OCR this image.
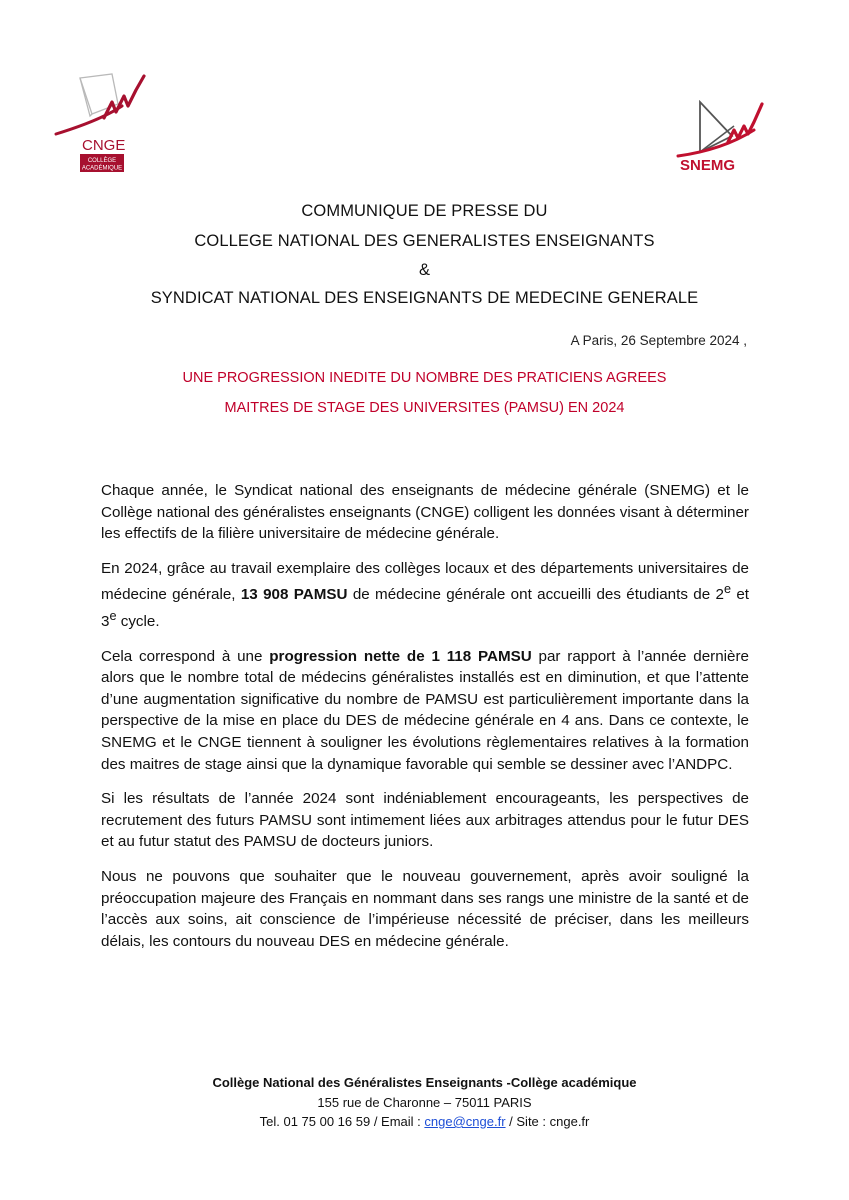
CNGE
COLLÈGE
ACADÉMIQUE	SNEMG
COMMUNIQUE DE PRESSE DU
COLLEGE NATIONAL DES GENERALISTES ENSEIGNANTS
&
SYNDICAT NATIONAL DES ENSEIGNANTS DE MEDECINE GENERALE
A Paris, 26 Septembre 2024 ,
UNE PROGRESSION INEDITE DU NOMBRE DES PRATICIENS AGREES
MAITRES DE STAGE DES UNIVERSITES (PAMSU) EN 2024

Chaque année, le Syndicat national des enseignants de médecine générale (SNEMG) et le Collège national des généralistes enseignants (CNGE) colligent les données visant à déterminer les effectifs de la filière universitaire de médecine générale.

En 2024, grâce au travail exemplaire des collèges locaux et des départements universitaires de médecine générale, 13 908 PAMSU de médecine générale ont accueilli des étudiants de 2e et 3e cycle.

Cela correspond à une progression nette de 1 118 PAMSU par rapport à l’année dernière alors que le nombre total de médecins généralistes installés est en diminution, et que l’attente d’une augmentation significative du nombre de PAMSU est particulièrement importante dans la perspective de la mise en place du DES de médecine générale en 4 ans. Dans ce contexte, le SNEMG et le CNGE tiennent à souligner les évolutions règlementaires relatives à la formation des maitres de stage ainsi que la dynamique favorable qui semble se dessiner avec l’ANDPC.

Si les résultats de l’année 2024 sont indéniablement encourageants, les perspectives de recrutement des futurs PAMSU sont intimement liées aux arbitrages attendus pour le futur DES et au futur statut des PAMSU de docteurs juniors.

Nous ne pouvons que souhaiter que le nouveau gouvernement, après avoir souligné la préoccupation majeure des Français en nommant dans ses rangs une ministre de la santé et de l’accès aux soins, ait conscience de l’impérieuse nécessité de préciser, dans les meilleurs délais, les contours du nouveau DES en médecine générale.

Collège National des Généralistes Enseignants -Collège académique
155 rue de Charonne – 75011 PARIS
Tel. 01 75 00 16 59 / Email : cnge@cnge.fr / Site : cnge.fr
